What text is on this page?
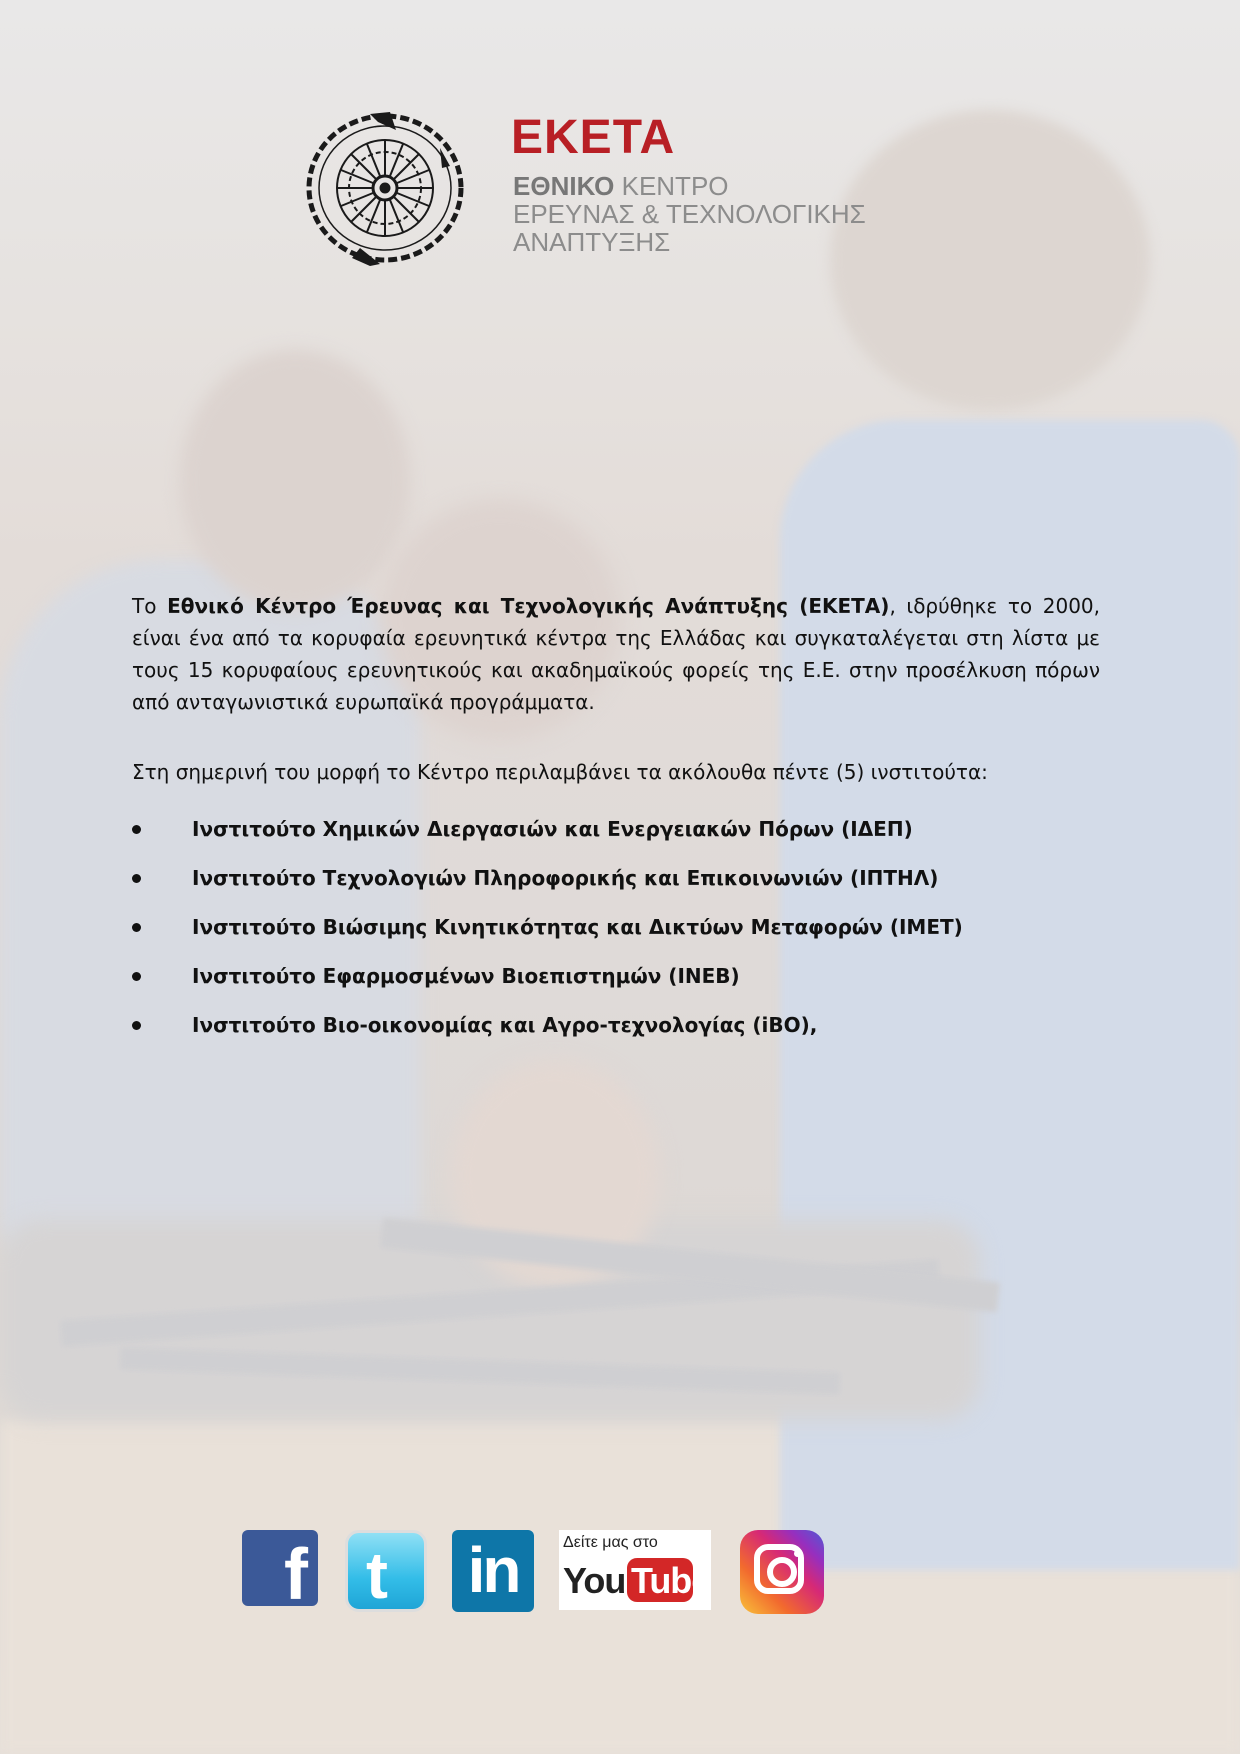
ΕΚΕΤΑ
ΕΘΝΙΚΟ ΚΕΝΤΡΟ
ΕΡΕΥΝΑΣ & ΤΕΧΝΟΛΟΓΙΚΗΣ
ΑΝΑΠΤΥΞΗΣ

Το Εθνικό Κέντρο Έρευνας και Τεχνολογικής Ανάπτυξης (ΕΚΕΤΑ), ιδρύθηκε το 2000, είναι ένα από τα κορυφαία ερευνητικά κέντρα της Ελλάδας και συγκαταλέγεται στη λίστα με τους 15 κορυφαίους ερευνητικούς και ακαδημαϊκούς φορείς της Ε.Ε. στην προσέλκυση πόρων από ανταγωνιστικά ευρωπαϊκά προγράμματα.

Στη σημερινή του μορφή το Κέντρο περιλαμβάνει τα ακόλουθα πέντε (5) ινστιτούτα:

Ινστιτούτο Χημικών Διεργασιών και Ενεργειακών Πόρων (ΙΔΕΠ)
Ινστιτούτο Τεχνολογιών Πληροφορικής και Επικοινωνιών (ΙΠΤΗΛ)
Ινστιτούτο Βιώσιμης Κινητικότητας και Δικτύων Μεταφορών (ΙΜΕΤ)
Ινστιτούτο Εφαρμοσμένων Βιοεπιστημών (ΙΝΕΒ)
Ινστιτούτο Βιο-οικονομίας και Αγρο-τεχνολογίας (iBO),
f t in	Δείτε μας στο
You Tube
